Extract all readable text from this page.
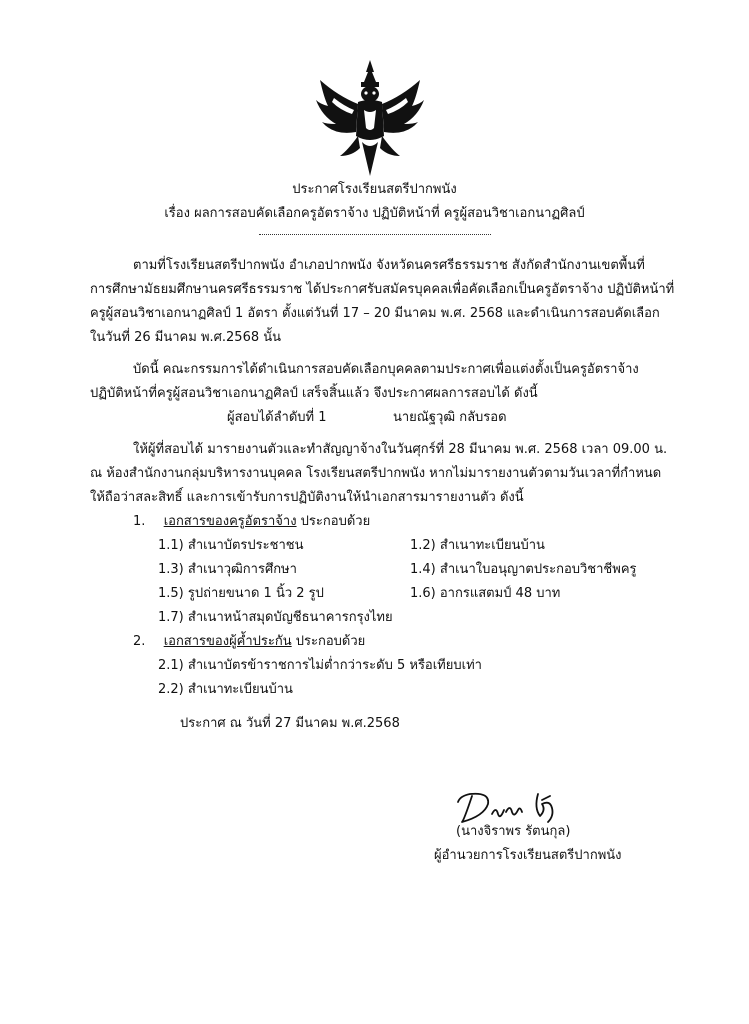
ประกาศโรงเรียนสตรีปากพนัง
เรื่อง ผลการสอบคัดเลือกครูอัตราจ้าง ปฏิบัติหน้าที่ ครูผู้สอนวิชาเอกนาฏศิลป์
ตามที่โรงเรียนสตรีปากพนัง อำเภอปากพนัง จังหวัดนครศรีธรรมราช สังกัดสำนักงานเขตพื้นที่
การศึกษามัธยมศึกษานครศรีธรรมราช ได้ประกาศรับสมัครบุคคลเพื่อคัดเลือกเป็นครูอัตราจ้าง ปฏิบัติหน้าที่
ครูผู้สอนวิชาเอกนาฏศิลป์ 1 อัตรา ตั้งแต่วันที่ 17 – 20 มีนาคม พ.ศ. 2568 และดำเนินการสอบคัดเลือก
ในวันที่ 26 มีนาคม พ.ศ.2568 นั้น
บัดนี้ คณะกรรมการได้ดำเนินการสอบคัดเลือกบุคคลตามประกาศเพื่อแต่งตั้งเป็นครูอัตราจ้าง
ปฏิบัติหน้าที่ครูผู้สอนวิชาเอกนาฏศิลป์ เสร็จสิ้นแล้ว จึงประกาศผลการสอบได้ ดังนี้
ผู้สอบได้ลำดับที่ 1	นายณัฐวุฒิ กลับรอด
ให้ผู้ที่สอบได้ มารายงานตัวและทำสัญญาจ้างในวันศุกร์ที่ 28 มีนาคม พ.ศ. 2568 เวลา 09.00 น.
ณ ห้องสำนักงานกลุ่มบริหารงานบุคคล โรงเรียนสตรีปากพนัง หากไม่มารายงานตัวตามวันเวลาที่กำหนด
ให้ถือว่าสละสิทธิ์ และการเข้ารับการปฏิบัติงานให้นำเอกสารมารายงานตัว ดังนี้
1. เอกสารของครูอัตราจ้าง ประกอบด้วย
1.1) สำเนาบัตรประชาชน	1.2) สำเนาทะเบียนบ้าน
1.3) สำเนาวุฒิการศึกษา	1.4) สำเนาใบอนุญาตประกอบวิชาชีพครู
1.5) รูปถ่ายขนาด 1 นิ้ว 2 รูป	1.6) อากรแสตมป์ 48 บาท
1.7) สำเนาหน้าสมุดบัญชีธนาคารกรุงไทย
2. เอกสารของผู้ค้ำประกัน ประกอบด้วย
2.1) สำเนาบัตรข้าราชการไม่ต่ำกว่าระดับ 5 หรือเทียบเท่า
2.2) สำเนาทะเบียนบ้าน
ประกาศ ณ วันที่ 27 มีนาคม พ.ศ.2568
(นางจิราพร รัตนกุล)
ผู้อำนวยการโรงเรียนสตรีปากพนัง
